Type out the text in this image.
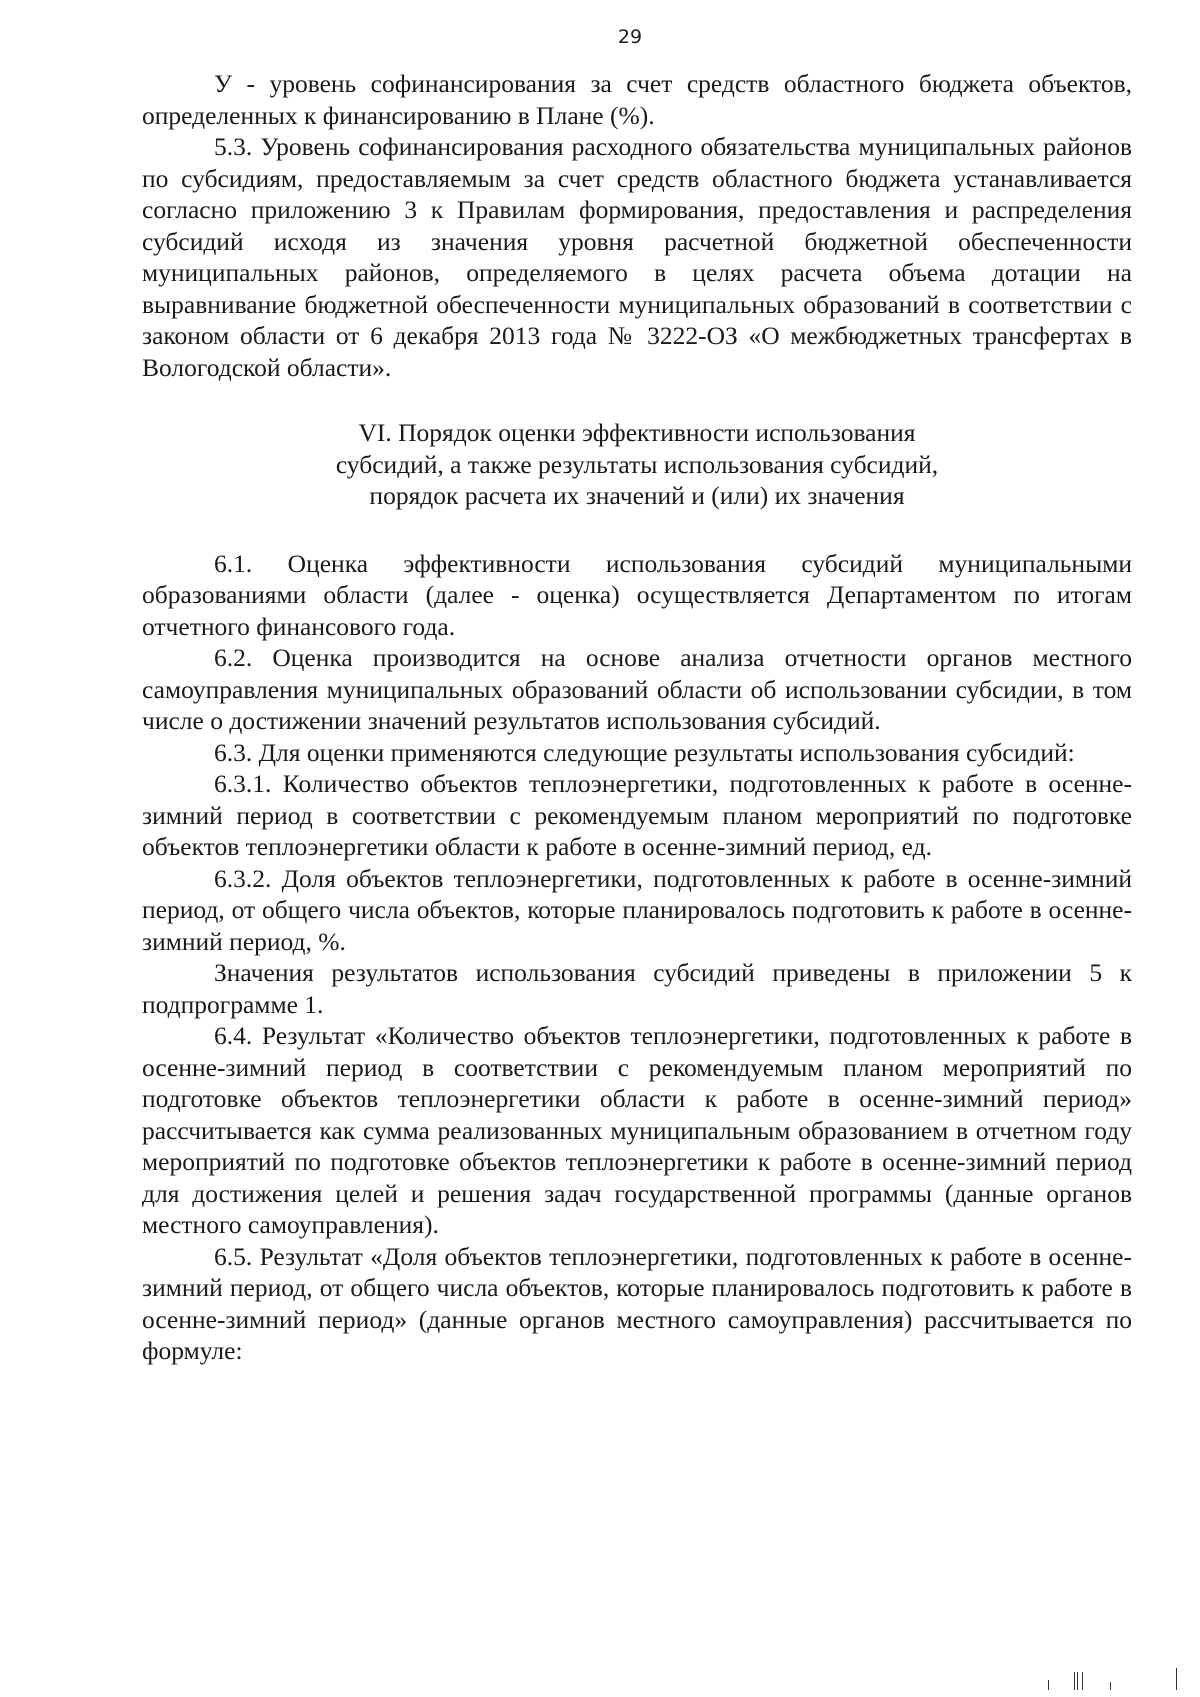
29

У - уровень софинансирования за счет средств областного бюджета объектов, определенных к финансированию в Плане (%).

5.3. Уровень софинансирования расходного обязательства муниципальных районов по субсидиям, предоставляемым за счет средств областного бюджета устанавливается согласно приложению 3 к Правилам формирования, предоставления и распределения субсидий исходя из значения уровня расчетной бюджетной обеспеченности муниципальных районов, определяемого в целях расчета объема дотации на выравнивание бюджетной обеспеченности муниципальных образований в соответствии с законом области от 6 декабря 2013 года № 3222-ОЗ «О межбюджетных трансфертах в Вологодской области».

VI. Порядок оценки эффективности использования
субсидий, а также результаты использования субсидий,
порядок расчета их значений и (или) их значения

6.1. Оценка эффективности использования субсидий муниципальными образованиями области (далее - оценка) осуществляется Департаментом по итогам отчетного финансового года.

6.2. Оценка производится на основе анализа отчетности органов местного самоуправления муниципальных образований области об использовании субсидии, в том числе о достижении значений результатов использования субсидий.

6.3. Для оценки применяются следующие результаты использования субсидий:

6.3.1. Количество объектов теплоэнергетики, подготовленных к работе в осенне-зимний период в соответствии с рекомендуемым планом мероприятий по подготовке объектов теплоэнергетики области к работе в осенне-зимний период, ед.

6.3.2. Доля объектов теплоэнергетики, подготовленных к работе в осенне-зимний период, от общего числа объектов, которые планировалось подготовить к работе в осенне-зимний период, %.

Значения результатов использования субсидий приведены в приложении 5 к подпрограмме 1.

6.4. Результат «Количество объектов теплоэнергетики, подготовленных к работе в осенне-зимний период в соответствии с рекомендуемым планом мероприятий по подготовке объектов теплоэнергетики области к работе в осенне-зимний период» рассчитывается как сумма реализованных муниципальным образованием в отчетном году мероприятий по подготовке объектов теплоэнергетики к работе в осенне-зимний период для достижения целей и решения задач государственной программы (данные органов местного самоуправления).

6.5. Результат «Доля объектов теплоэнергетики, подготовленных к работе в осенне-зимний период, от общего числа объектов, которые планировалось подготовить к работе в осенне-зимний период» (данные органов местного самоуправления) рассчитывается по формуле:
